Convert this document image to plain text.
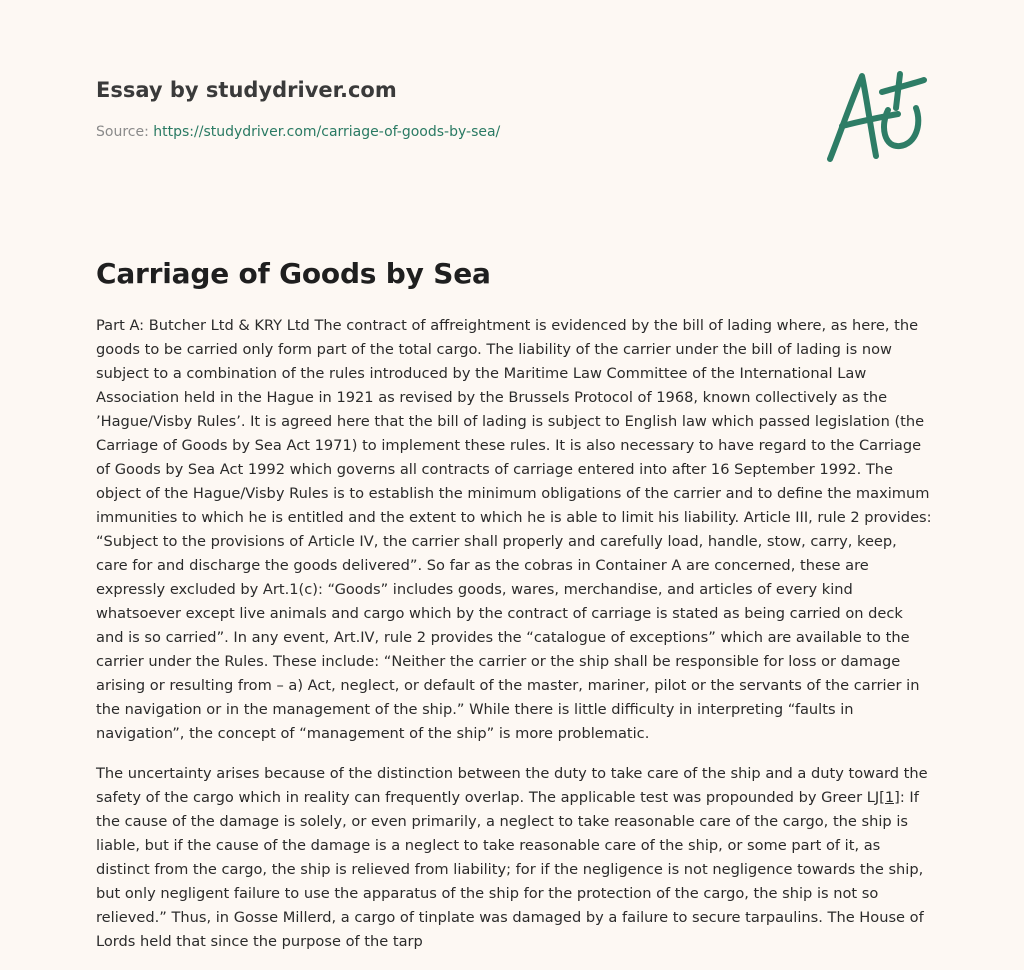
Essay by studydriver.com

Source: https://studydriver.com/carriage-of-goods-by-sea/
Carriage of Goods by Sea

Part A: Butcher Ltd & KRY Ltd The contract of affreightment is evidenced by the bill of lading where, as here, the goods to be carried only form part of the total cargo. The liability of the carrier under the bill of lading is now subject to a combination of the rules introduced by the Maritime Law Committee of the International Law Association held in the Hague in 1921 as revised by the Brussels Protocol of 1968, known collectively as the ’Hague/Visby Rules’. It is agreed here that the bill of lading is subject to English law which passed legislation (the Carriage of Goods by Sea Act 1971) to implement these rules. It is also necessary to have regard to the Carriage of Goods by Sea Act 1992 which governs all contracts of carriage entered into after 16 September 1992. The object of the Hague/Visby Rules is to establish the minimum obligations of the carrier and to define the maximum immunities to which he is entitled and the extent to which he is able to limit his liability. Article III, rule 2 provides: “Subject to the provisions of Article IV, the carrier shall properly and carefully load, handle, stow, carry, keep, care for and discharge the goods delivered”. So far as the cobras in Container A are concerned, these are expressly excluded by Art.1(c): “Goods” includes goods, wares, merchandise, and articles of every kind whatsoever except live animals and cargo which by the contract of carriage is stated as being carried on deck and is so carried”. In any event, Art.IV, rule 2 provides the “catalogue of exceptions” which are available to the carrier under the Rules. These include: “Neither the carrier or the ship shall be responsible for loss or damage arising or resulting from – a) Act, neglect, or default of the master, mariner, pilot or the servants of the carrier in the navigation or in the management of the ship.” While there is little difficulty in interpreting “faults in navigation”, the concept of “management of the ship” is more problematic.

The uncertainty arises because of the distinction between the duty to take care of the ship and a duty toward the safety of the cargo which in reality can frequently overlap. The applicable test was propounded by Greer LJ[1]: If the cause of the damage is solely, or even primarily, a neglect to take reasonable care of the cargo, the ship is liable, but if the cause of the damage is a neglect to take reasonable care of the ship, or some part of it, as distinct from the cargo, the ship is relieved from liability; for if the negligence is not negligence towards the ship, but only negligent failure to use the apparatus of the ship for the protection of the cargo, the ship is not so relieved.” Thus, in Gosse Millerd, a cargo of tinplate was damaged by a failure to secure tarpaulins. The House of Lords held that since the purpose of the tarp
